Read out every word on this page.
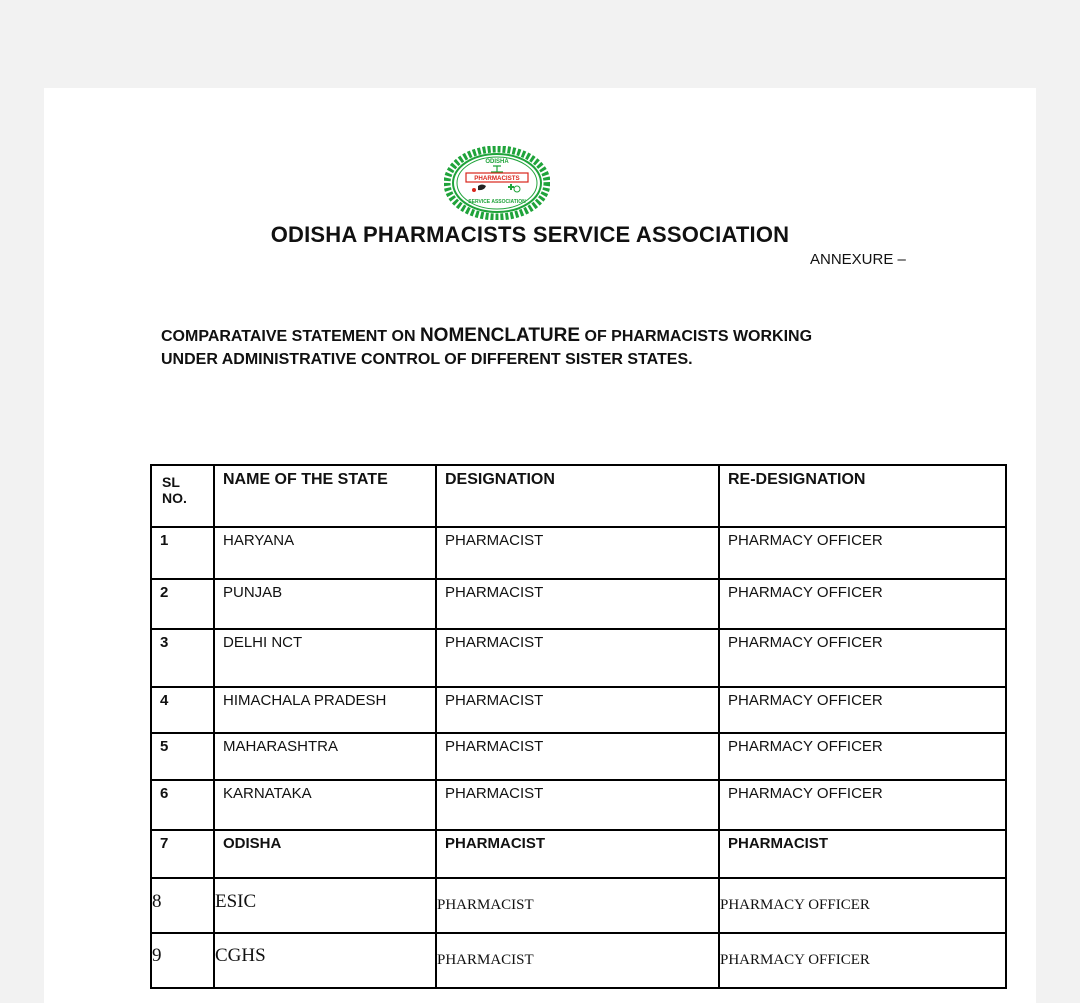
ODISHA
PHARMACISTS
SERVICE ASSOCIATION
ODISHA PHARMACISTS SERVICE ASSOCIATION
ANNEXURE –
COMPARATAIVE STATEMENT ON NOMENCLATURE OF PHARMACISTS WORKING
UNDER ADMINISTRATIVE CONTROL OF DIFFERENT SISTER STATES.
SL
NO.	NAME OF THE STATE	DESIGNATION	RE-DESIGNATION
1	HARYANA	PHARMACIST	PHARMACY OFFICER
2	PUNJAB	PHARMACIST	PHARMACY OFFICER
3	DELHI NCT	PHARMACIST	PHARMACY OFFICER
4	HIMACHALA PRADESH	PHARMACIST	PHARMACY OFFICER
5	MAHARASHTRA	PHARMACIST	PHARMACY OFFICER
6	KARNATAKA	PHARMACIST	PHARMACY OFFICER
7	ODISHA	PHARMACIST	PHARMACIST
8	ESIC	PHARMACIST	PHARMACY OFFICER
9	CGHS	PHARMACIST	PHARMACY OFFICER
